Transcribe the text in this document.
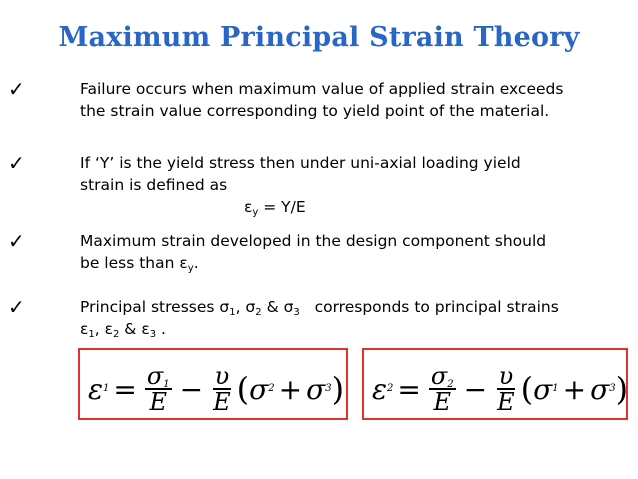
Maximum Principal Strain Theory
✓	Failure occurs when maximum value of applied strain exceeds
the strain value corresponding to yield point of the material.
✓	If ‘Y’ is the yield stress then under uni-axial loading yield
strain is defined as
$\varepsilon_y = Y/E$
✓	Maximum strain developed in the design component should
be less than $\varepsilon_y$.
✓	Principal stresses $\sigma_1$, $\sigma_2$ & $\sigma_3$ corresponds to principal strains
$\varepsilon_1$, $\varepsilon_2$ & $\varepsilon_3$ .
ε $1 = \frac{\sigma_1}{E} - \frac{\upsilon}{E}$ ( σ 2 + σ 3 ) ε $2 = \frac{\sigma_2}{E} - \frac{\upsilon}{E}$ ( σ 1 + σ 3 )
